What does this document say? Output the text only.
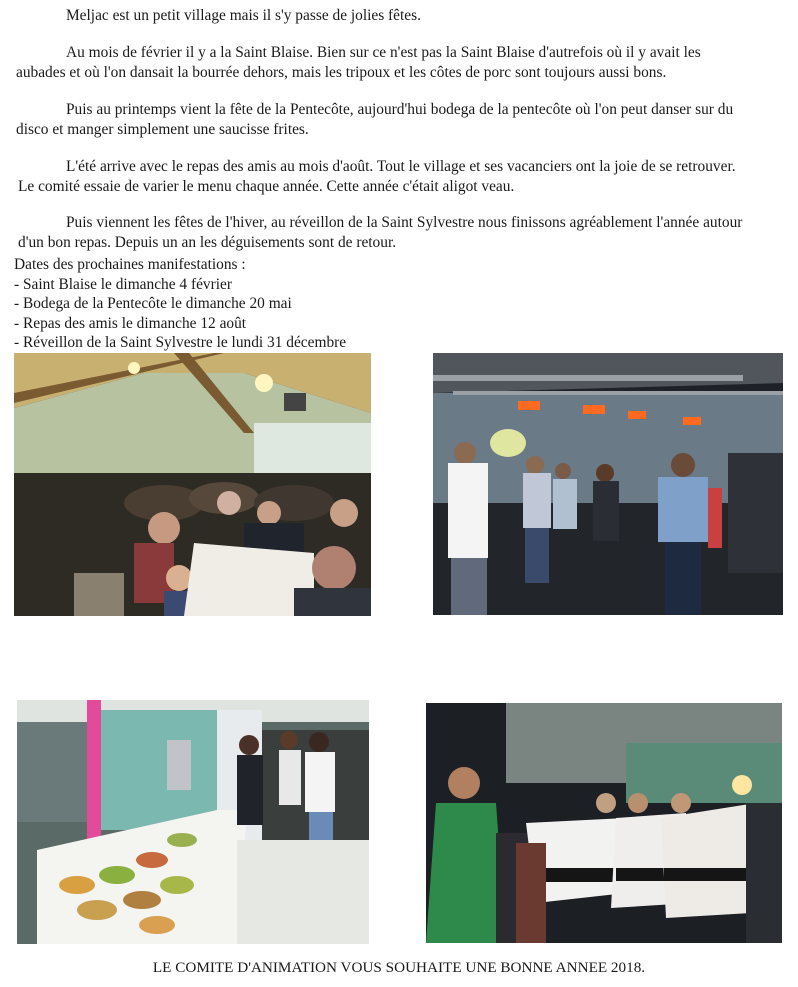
Meljac est un petit village mais il s'y passe de jolies fêtes.

Au mois de février il y a la Saint Blaise. Bien sur ce n'est pas la Saint Blaise d'autrefois où il y avait les
aubades et où l'on dansait la bourrée dehors, mais les tripoux et les côtes de porc sont toujours aussi bons.
Puis au printemps vient la fête de la Pentecôte, aujourd'hui bodega de la pentecôte où l'on peut danser sur du
disco et manger simplement une saucisse frites.
L'été arrive avec le repas des amis au mois d'août. Tout le village et ses vacanciers ont la joie de se retrouver.
Le comité essaie de varier le menu chaque année. Cette année c'était aligot veau.
Puis viennent les fêtes de l'hiver, au réveillon de la Saint Sylvestre nous finissons agréablement l'année autour
d'un bon repas. Depuis un an les déguisements sont de retour.
Dates des prochaines manifestations :
- Saint Blaise le dimanche 4 février
- Bodega de la Pentecôte le dimanche 20 mai
- Repas des amis le dimanche 12 août
- Réveillon de la Saint Sylvestre le lundi 31 décembre
LE COMITE D'ANIMATION VOUS SOUHAITE UNE BONNE ANNEE 2018.
